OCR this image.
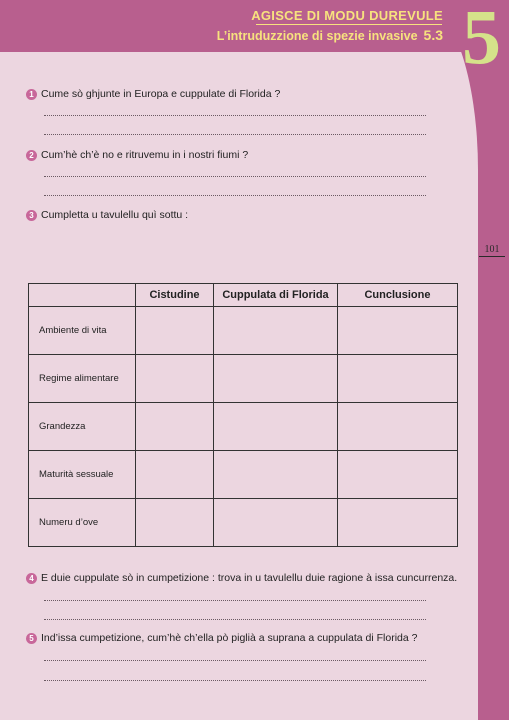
AGISCE DI MODU DUREVULE
L’intruduzzione di spezie invasive 5.3 5
101
1 Cume sò ghjunte in Europa e cuppulate di Florida ?
2 Cum’hè ch’è no e ritruvemu in i nostri fiumi ?
3 Cumpletta u tavulellu quì sottu :
	Cistudine	Cuppulata di Florida	Cunclusione
Ambiente di vita			
Regime alimentare			
Grandezza			
Maturità sessuale			
Numeru d’ove			
4 E duie cuppulate sò in cumpetizione : trova in u tavulellu duie ragione à issa cuncurrenza.
5 Ind’issa cumpetizione, cum’hè ch’ella pò piglià a suprana a cuppulata di Florida ?
